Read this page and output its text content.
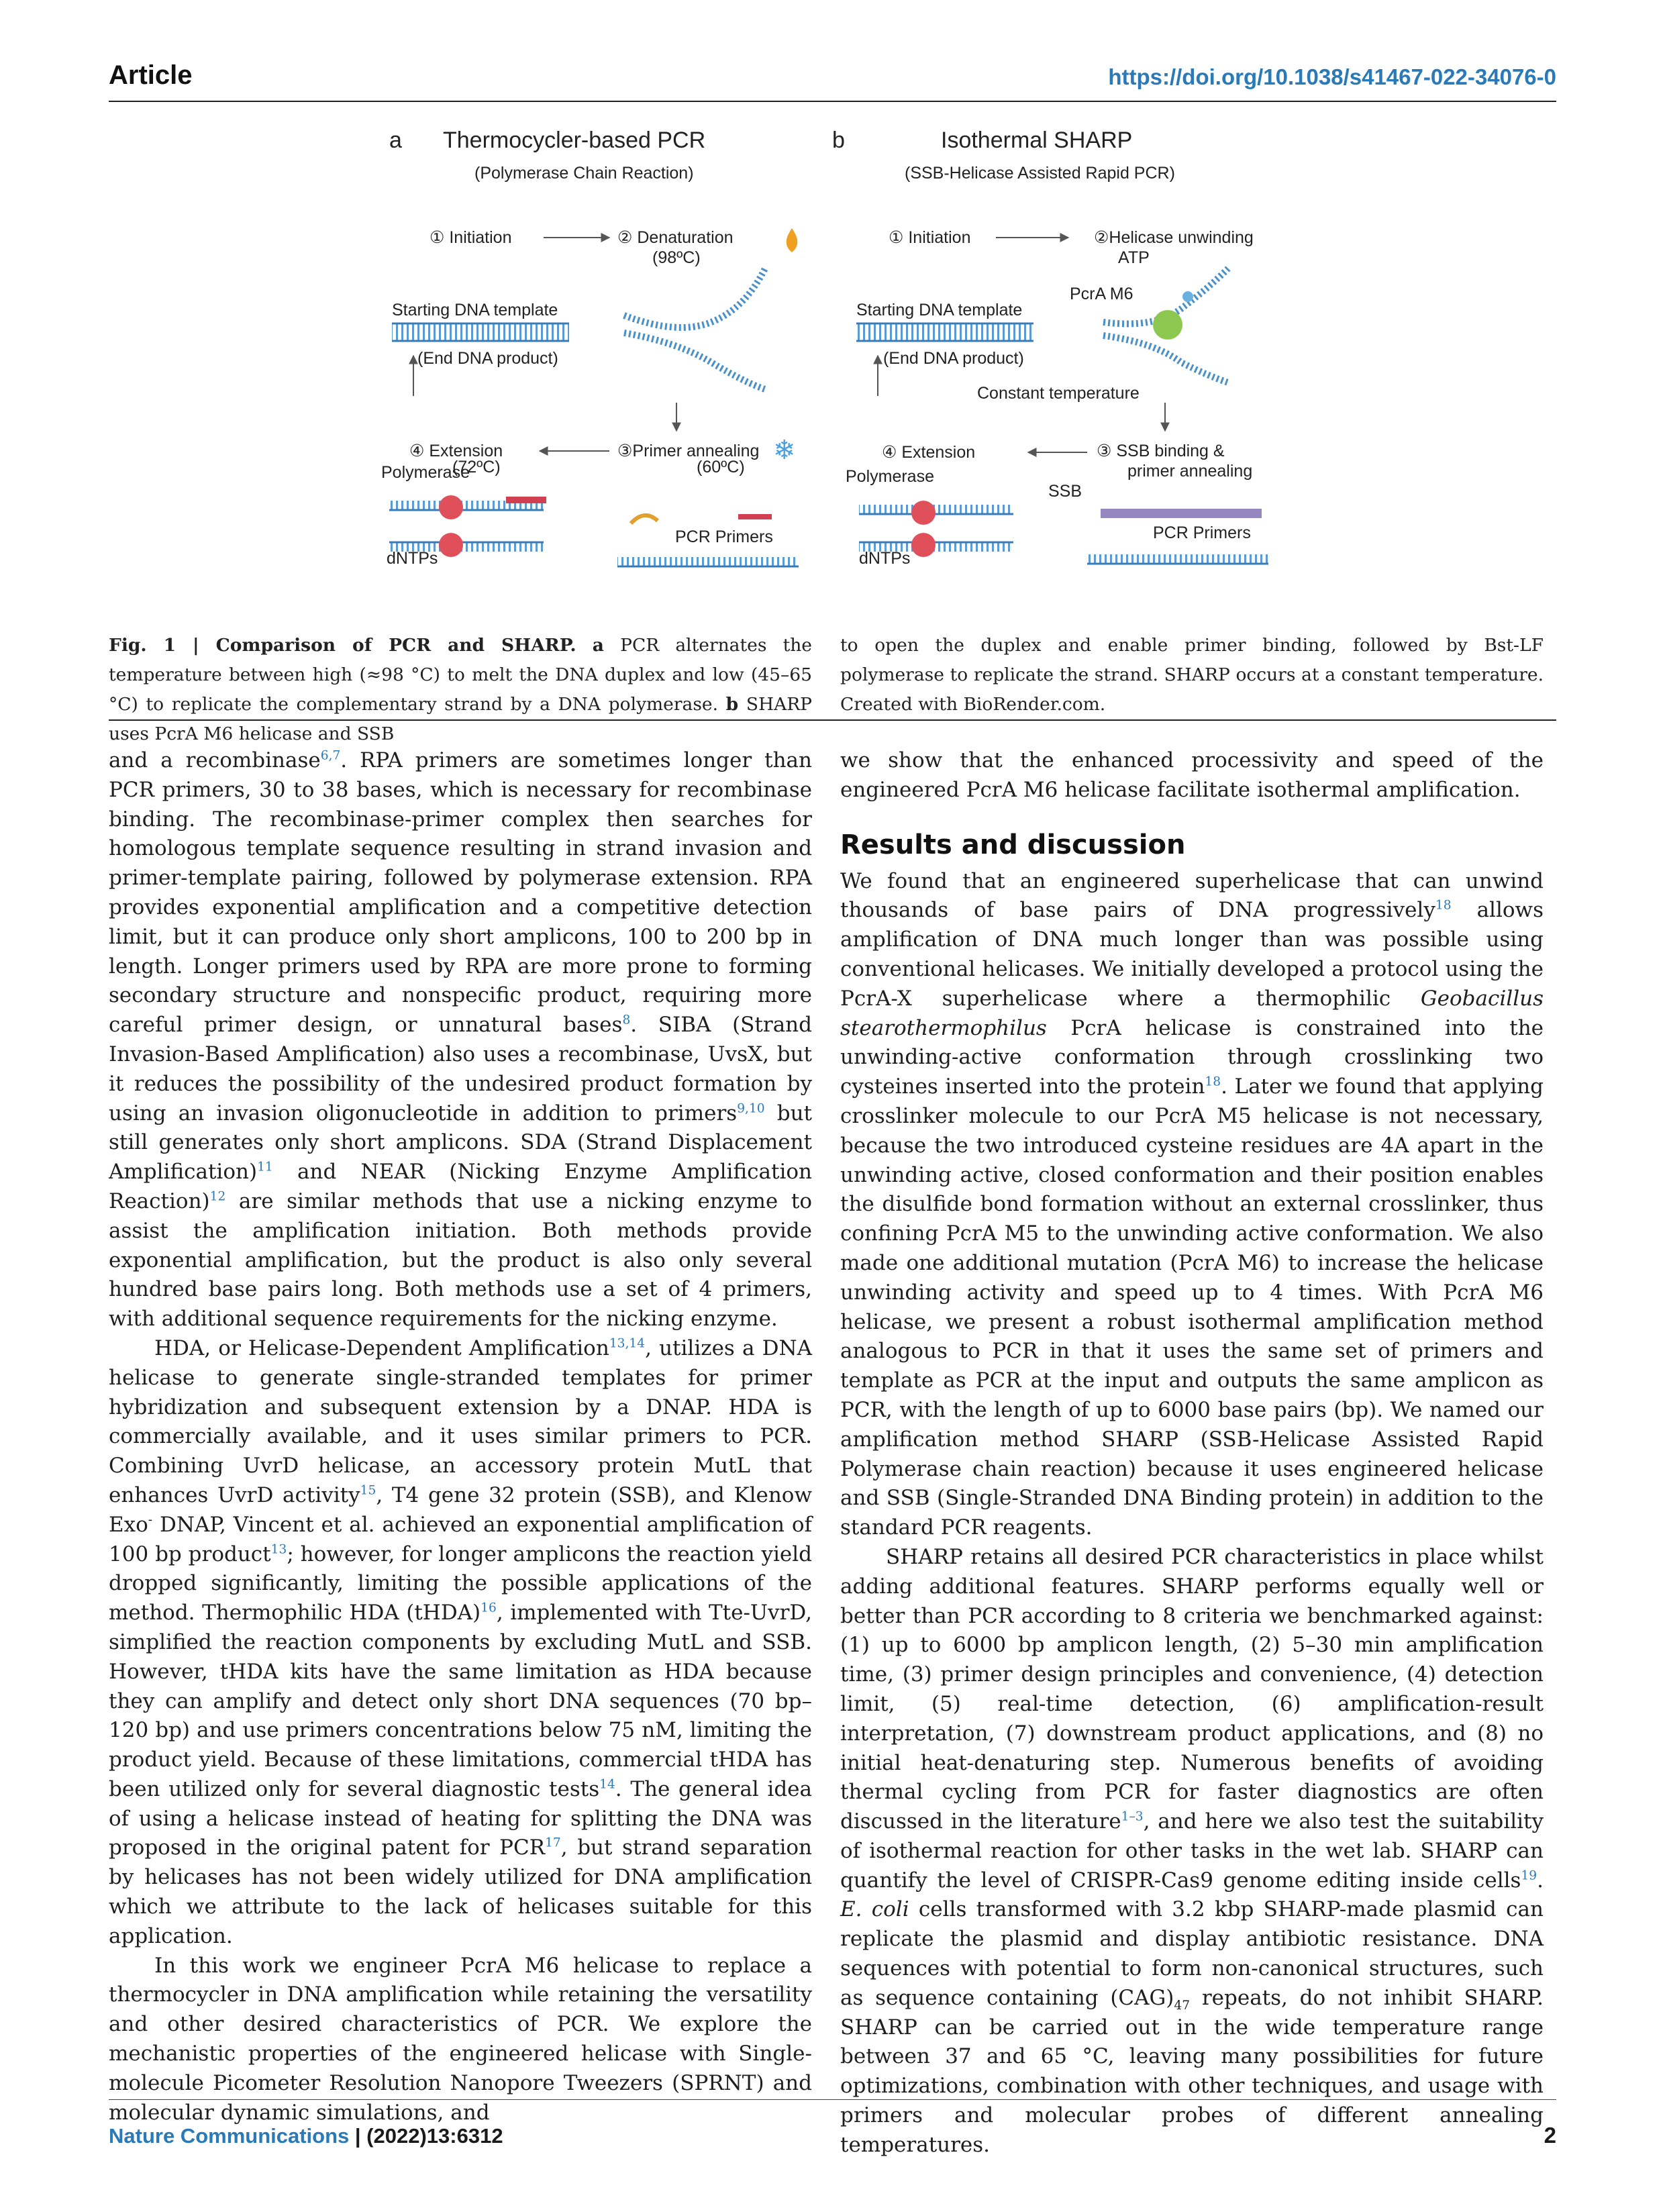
Article	https://doi.org/10.1038/s41467-022-34076-0
a Thermocycler-based PCR
(Polymerase Chain Reaction)
① Initiation	② Denaturation
(98ºC)
Starting DNA template
(End DNA product)
④ Extension	③Primer annealing ❄
Polymerase
(72ºC)	(60ºC)
dNTPs
PCR Primers
b	Isothermal SHARP
(SSB-Helicase Assisted Rapid PCR)
① Initiation	②Helicase unwinding
ATP
PcrA M6
Starting DNA template
(End DNA product)
Constant temperature
④ Extension	③ SSB binding &
primer annealing
Polymerase
SSB
dNTPs
PCR Primers
Fig. 1 | Comparison of PCR and SHARP. a PCR alternates the temperature between high (≈98 °C) to melt the DNA duplex and low (45–65 °C) to replicate the complementary strand by a DNA polymerase. b SHARP uses PcrA M6 helicase and SSB
to open the duplex and enable primer binding, followed by Bst-LF polymerase to replicate the strand. SHARP occurs at a constant temperature. Created with BioRender.com.

and a recombinase$^{6,7}$. RPA primers are sometimes longer than PCR primers, 30 to 38 bases, which is necessary for recombinase binding. The recombinase-primer complex then searches for homologous template sequence resulting in strand invasion and primer-template pairing, followed by polymerase extension. RPA provides exponential amplification and a competitive detection limit, but it can produce only short amplicons, 100 to 200 bp in length. Longer primers used by RPA are more prone to forming secondary structure and nonspecific product, requiring more careful primer design, or unnatural bases$^8$. SIBA (Strand Invasion-Based Amplification) also uses a recombinase, UvsX, but it reduces the possibility of the undesired product formation by using an invasion oligonucleotide in addition to primers$^{9,10}$ but still generates only short amplicons. SDA (Strand Displacement Amplification)$^{11}$ and NEAR (Nicking Enzyme Amplification Reaction)$^{12}$ are similar methods that use a nicking enzyme to assist the amplification initiation. Both methods provide exponential amplification, but the product is also only several hundred base pairs long. Both methods use a set of 4 primers, with additional sequence requirements for the nicking enzyme.

HDA, or Helicase-Dependent Amplification$^{13,14}$, utilizes a DNA helicase to generate single-stranded templates for primer hybridization and subsequent extension by a DNAP. HDA is commercially available, and it uses similar primers to PCR. Combining UvrD helicase, an accessory protein MutL that enhances UvrD activity$^{15}$, T4 gene 32 protein (SSB), and Klenow Exo- DNAP, Vincent et al. achieved an exponential amplification of 100 bp product$^{13}$; however, for longer amplicons the reaction yield dropped significantly, limiting the possible applications of the method. Thermophilic HDA (tHDA)$^{16}$, implemented with Tte-UvrD, simplified the reaction components by excluding MutL and SSB. However, tHDA kits have the same limitation as HDA because they can amplify and detect only short DNA sequences (70 bp–120 bp) and use primers concentrations below 75 nM, limiting the product yield. Because of these limitations, commercial tHDA has been utilized only for several diagnostic tests$^{14}$. The general idea of using a helicase instead of heating for splitting the DNA was proposed in the original patent for PCR$^{17}$, but strand separation by helicases has not been widely utilized for DNA amplification which we attribute to the lack of helicases suitable for this application.

In this work we engineer PcrA M6 helicase to replace a thermocycler in DNA amplification while retaining the versatility and other desired characteristics of PCR. We explore the mechanistic properties of the engineered helicase with Single-molecule Picometer Resolution Nanopore Tweezers (SPRNT) and molecular dynamic simulations, and

we show that the enhanced processivity and speed of the engineered PcrA M6 helicase facilitate isothermal amplification.

Results and discussion

We found that an engineered superhelicase that can unwind thousands of base pairs of DNA progressively$^{18}$ allows amplification of DNA much longer than was possible using conventional helicases. We initially developed a protocol using the PcrA-X superhelicase where a thermophilic Geobacillus stearothermophilus PcrA helicase is constrained into the unwinding-active conformation through crosslinking two cysteines inserted into the protein$^{18}$. Later we found that applying crosslinker molecule to our PcrA M5 helicase is not necessary, because the two introduced cysteine residues are 4A apart in the unwinding active, closed conformation and their position enables the disulfide bond formation without an external crosslinker, thus confining PcrA M5 to the unwinding active conformation. We also made one additional mutation (PcrA M6) to increase the helicase unwinding activity and speed up to 4 times. With PcrA M6 helicase, we present a robust isothermal amplification method analogous to PCR in that it uses the same set of primers and template as PCR at the input and outputs the same amplicon as PCR, with the length of up to 6000 base pairs (bp). We named our amplification method SHARP (SSB-Helicase Assisted Rapid Polymerase chain reaction) because it uses engineered helicase and SSB (Single-Stranded DNA Binding protein) in addition to the standard PCR reagents.

SHARP retains all desired PCR characteristics in place whilst adding additional features. SHARP performs equally well or better than PCR according to 8 criteria we benchmarked against: (1) up to 6000 bp amplicon length, (2) 5–30 min amplification time, (3) primer design principles and convenience, (4) detection limit, (5) real-time detection, (6) amplification-result interpretation, (7) downstream product applications, and (8) no initial heat-denaturing step. Numerous benefits of avoiding thermal cycling from PCR for faster diagnostics are often discussed in the literature$^{1-3}$, and here we also test the suitability of isothermal reaction for other tasks in the wet lab. SHARP can quantify the level of CRISPR-Cas9 genome editing inside cells$^{19}$. E. coli cells transformed with 3.2 kbp SHARP-made plasmid can replicate the plasmid and display antibiotic resistance. DNA sequences with potential to form non-canonical structures, such as sequence containing $(CAG)_{47}$ repeats, do not inhibit SHARP. SHARP can be carried out in the wide temperature range between 37 and 65 °C, leaving many possibilities for future optimizations, combination with other techniques, and usage with primers and molecular probes of different annealing temperatures.

Nature Communications | (2022)13:6312	2
